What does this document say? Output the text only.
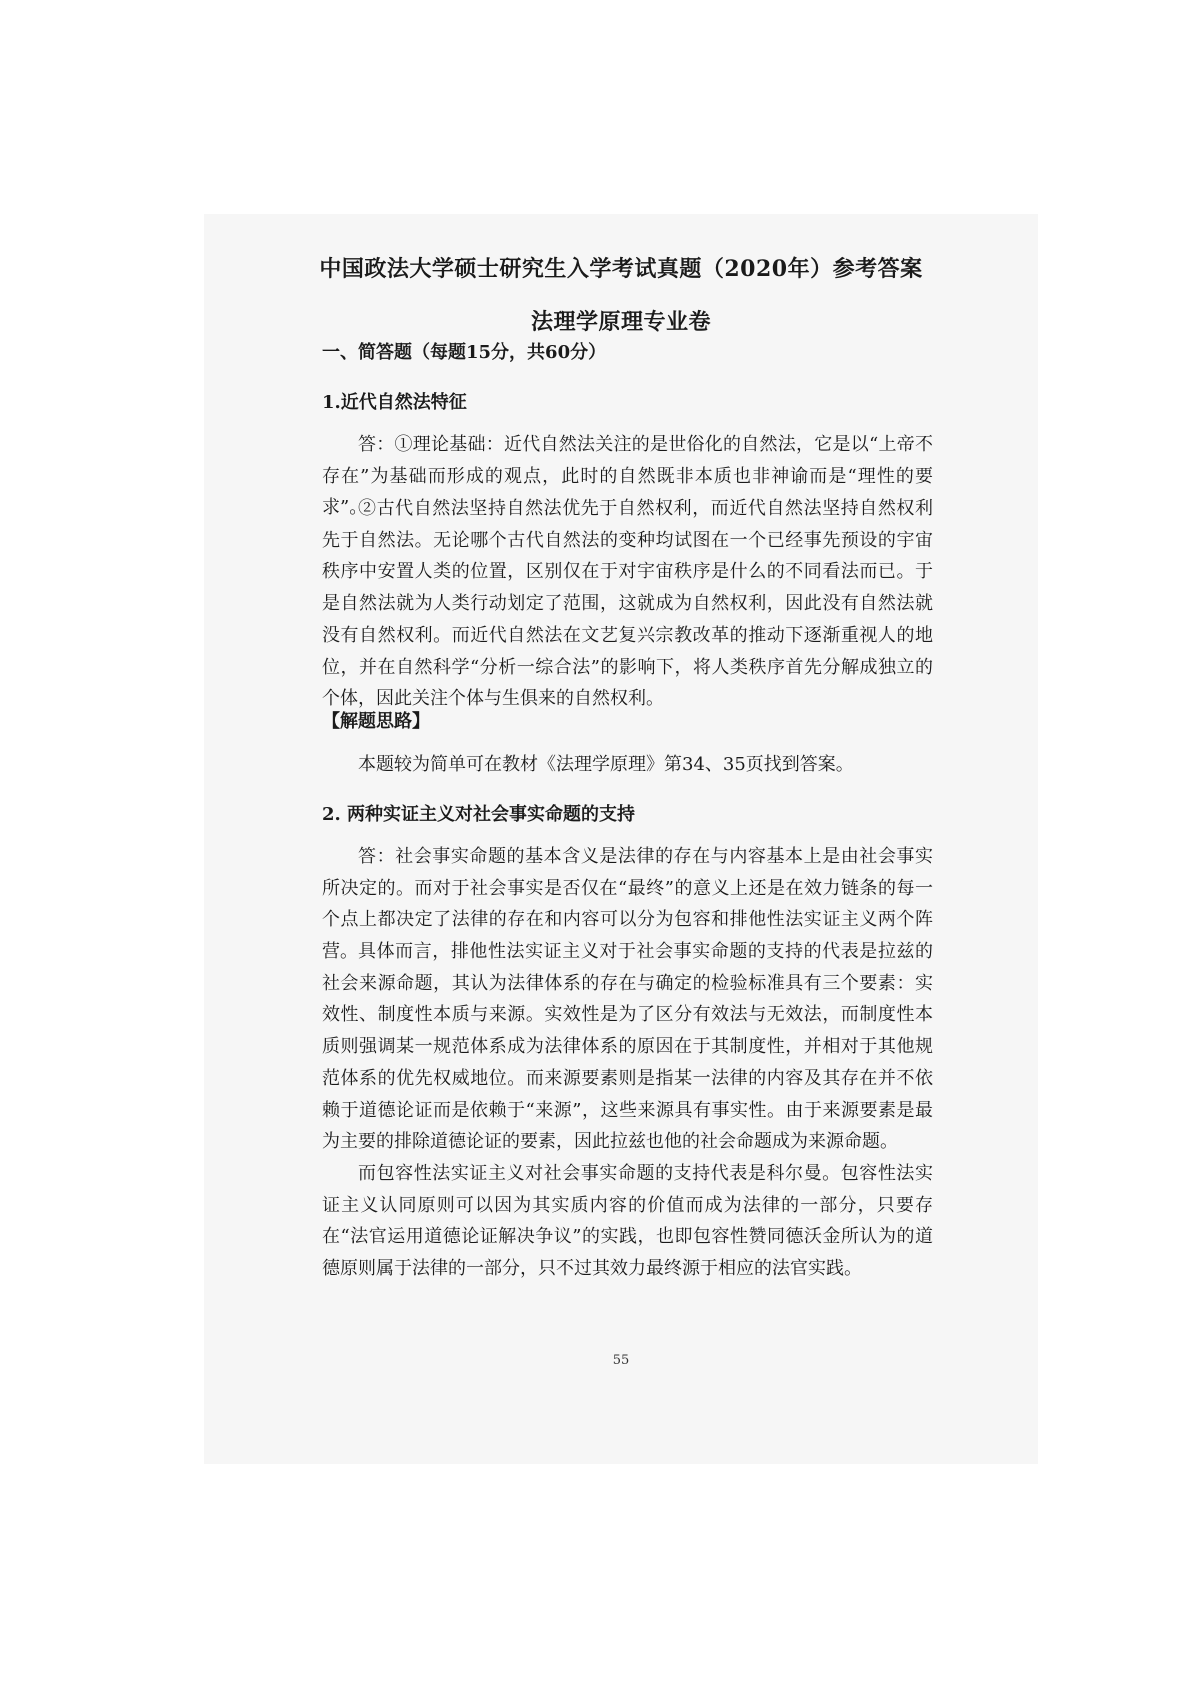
中国政法大学硕士研究生入学考试真题（2020年）参考答案
法理学原理专业卷
一、简答题（每题15分，共60分）
1.近代自然法特征

答：①理论基础：近代自然法关注的是世俗化的自然法，它是以“上帝不存在”为基础而形成的观点，此时的自然既非本质也非神谕而是“理性的要求”。

②古代自然法坚持自然法优先于自然权利，而近代自然法坚持自然权利先于自然法。无论哪个古代自然法的变种均试图在一个已经事先预设的宇宙秩序中安置人类的位置，区别仅在于对宇宙秩序是什么的不同看法而已。于是自然法就为人类行动划定了范围，这就成为自然权利，因此没有自然法就没有自然权利。而近代自然法在文艺复兴宗教改革的推动下逐渐重视人的地位，并在自然科学“分析一综合法”的影响下，将人类秩序首先分解成独立的个体，因此关注个体与生俱来的自然权利。

【解题思路】

本题较为简单可在教材《法理学原理》第34、35页找到答案。

2. 两种实证主义对社会事实命题的支持

答：社会事实命题的基本含义是法律的存在与内容基本上是由社会事实所决定的。而对于社会事实是否仅在“最终”的意义上还是在效力链条的每一个点上都决定了法律的存在和内容可以分为包容和排他性法实证主义两个阵营。 具体而言，排他性法实证主义对于社会事实命题的支持的代表是拉兹的社会来源命题，其认为法律体系的存在与确定的检验标准具有三个要素：实效性、制度性本质与来源。实效性是为了区分有效法与无效法，而制度性本质则强调某一规范体系成为法律体系的原因在于其制度性，并相对于其他规范体系的优先权威地位。而来源要素则是指某一法律的内容及其存在并不依赖于道德论证而是依赖于“来源”，这些来源具有事实性。由于来源要素是最为主要的排除道德论证的要素，因此拉兹也他的社会命题成为来源命题。

而包容性法实证主义对社会事实命题的支持代表是科尔曼。包容性法实证主义认同原则可以因为其实质内容的价值而成为法律的一部分，只要存在“法官运用道德论证解决争议”的实践，也即包容性赞同德沃金所认为的道德原则属于法律的一部分，只不过其效力最终源于相应的法官实践。

55
